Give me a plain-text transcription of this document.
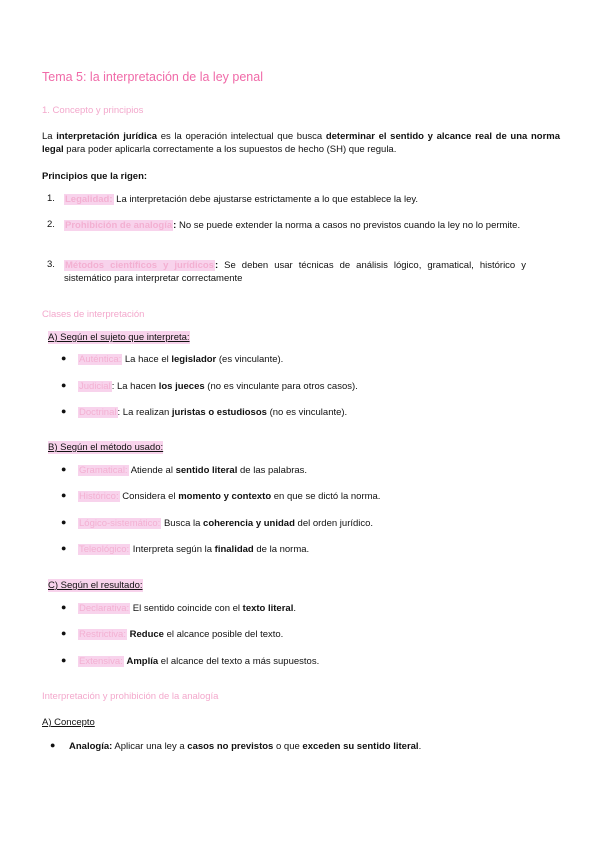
Tema 5: la interpretación de la ley penal
1. Concepto y principios
La interpretación jurídica es la operación intelectual que busca determinar el sentido y alcance real de una norma legal para poder aplicarla correctamente a los supuestos de hecho (SH) que regula.
Principios que la rigen:
1. Legalidad: La interpretación debe ajustarse estrictamente a lo que establece la ley.
2. Prohibición de analogía: No se puede extender la norma a casos no previstos cuando la ley no lo permite.
3. Métodos científicos y jurídicos: Se deben usar técnicas de análisis lógico, gramatical, histórico y sistemático para interpretar correctamente
Clases de interpretación
A) Según el sujeto que interpreta:
● Auténtica: La hace el legislador (es vinculante).
● Judicial: La hacen los jueces (no es vinculante para otros casos).
● Doctrinal: La realizan juristas o estudiosos (no es vinculante).
B) Según el método usado:
● Gramatical: Atiende al sentido literal de las palabras.
● Histórico: Considera el momento y contexto en que se dictó la norma.
● Lógico-sistemático: Busca la coherencia y unidad del orden jurídico.
● Teleológico: Interpreta según la finalidad de la norma.
C) Según el resultado:
● Declarativa: El sentido coincide con el texto literal.
● Restrictiva: Reduce el alcance posible del texto.
● Extensiva: Amplía el alcance del texto a más supuestos.
Interpretación y prohibición de la analogía
A) Concepto
● Analogía: Aplicar una ley a casos no previstos o que exceden su sentido literal.
